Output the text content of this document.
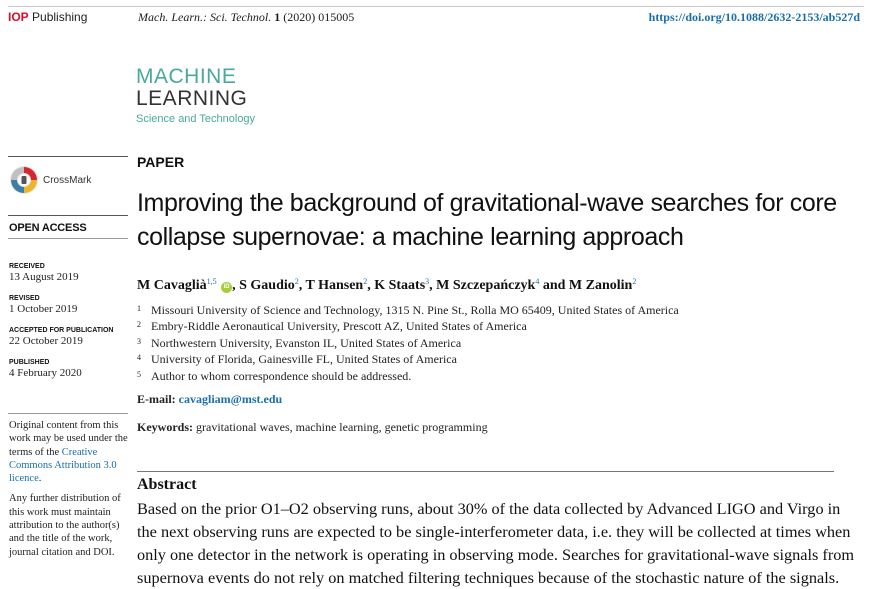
IOP Publishing	Mach. Learn.: Sci. Technol. 1 (2020) 015005	https://doi.org/10.1088/2632-2153/ab527d
MACHINE
LEARNING
Science and Technology
CrossMark
OPEN ACCESS
RECEIVED
13 August 2019
REVISED
1 October 2019
ACCEPTED FOR PUBLICATION
22 October 2019
PUBLISHED
4 February 2020

Original content from this work may be used under the terms of the Creative Commons Attribution 3.0 licence.

Any further distribution of this work must maintain attribution to the author(s) and the title of the work, journal citation and DOI.

PAPER
Improving the background of gravitational-wave searches for core collapse supernovae: a machine learning approach
M Cavaglià$^{1,5}$ iD , S Gaudio$^2$, T Hansen$^2$, K Staats$^3$, M Szczepańczyk$^4$ and M Zanolin$^2$
1 Missouri University of Science and Technology, 1315 N. Pine St., Rolla MO 65409, United States of America
2 Embry-Riddle Aeronautical University, Prescott AZ, United States of America
3 Northwestern University, Evanston IL, United States of America
4 University of Florida, Gainesville FL, United States of America
5 Author to whom correspondence should be addressed.
E-mail: cavagliam@mst.edu
Keywords: gravitational waves, machine learning, genetic programming
Abstract
Based on the prior O1–O2 observing runs, about 30% of the data collected by Advanced LIGO and Virgo in the next observing runs are expected to be single-interferometer data, i.e. they will be collected at times when only one detector in the network is operating in observing mode. Searches for gravitational-wave signals from supernova events do not rely on matched filtering techniques because of the stochastic nature of the signals.
